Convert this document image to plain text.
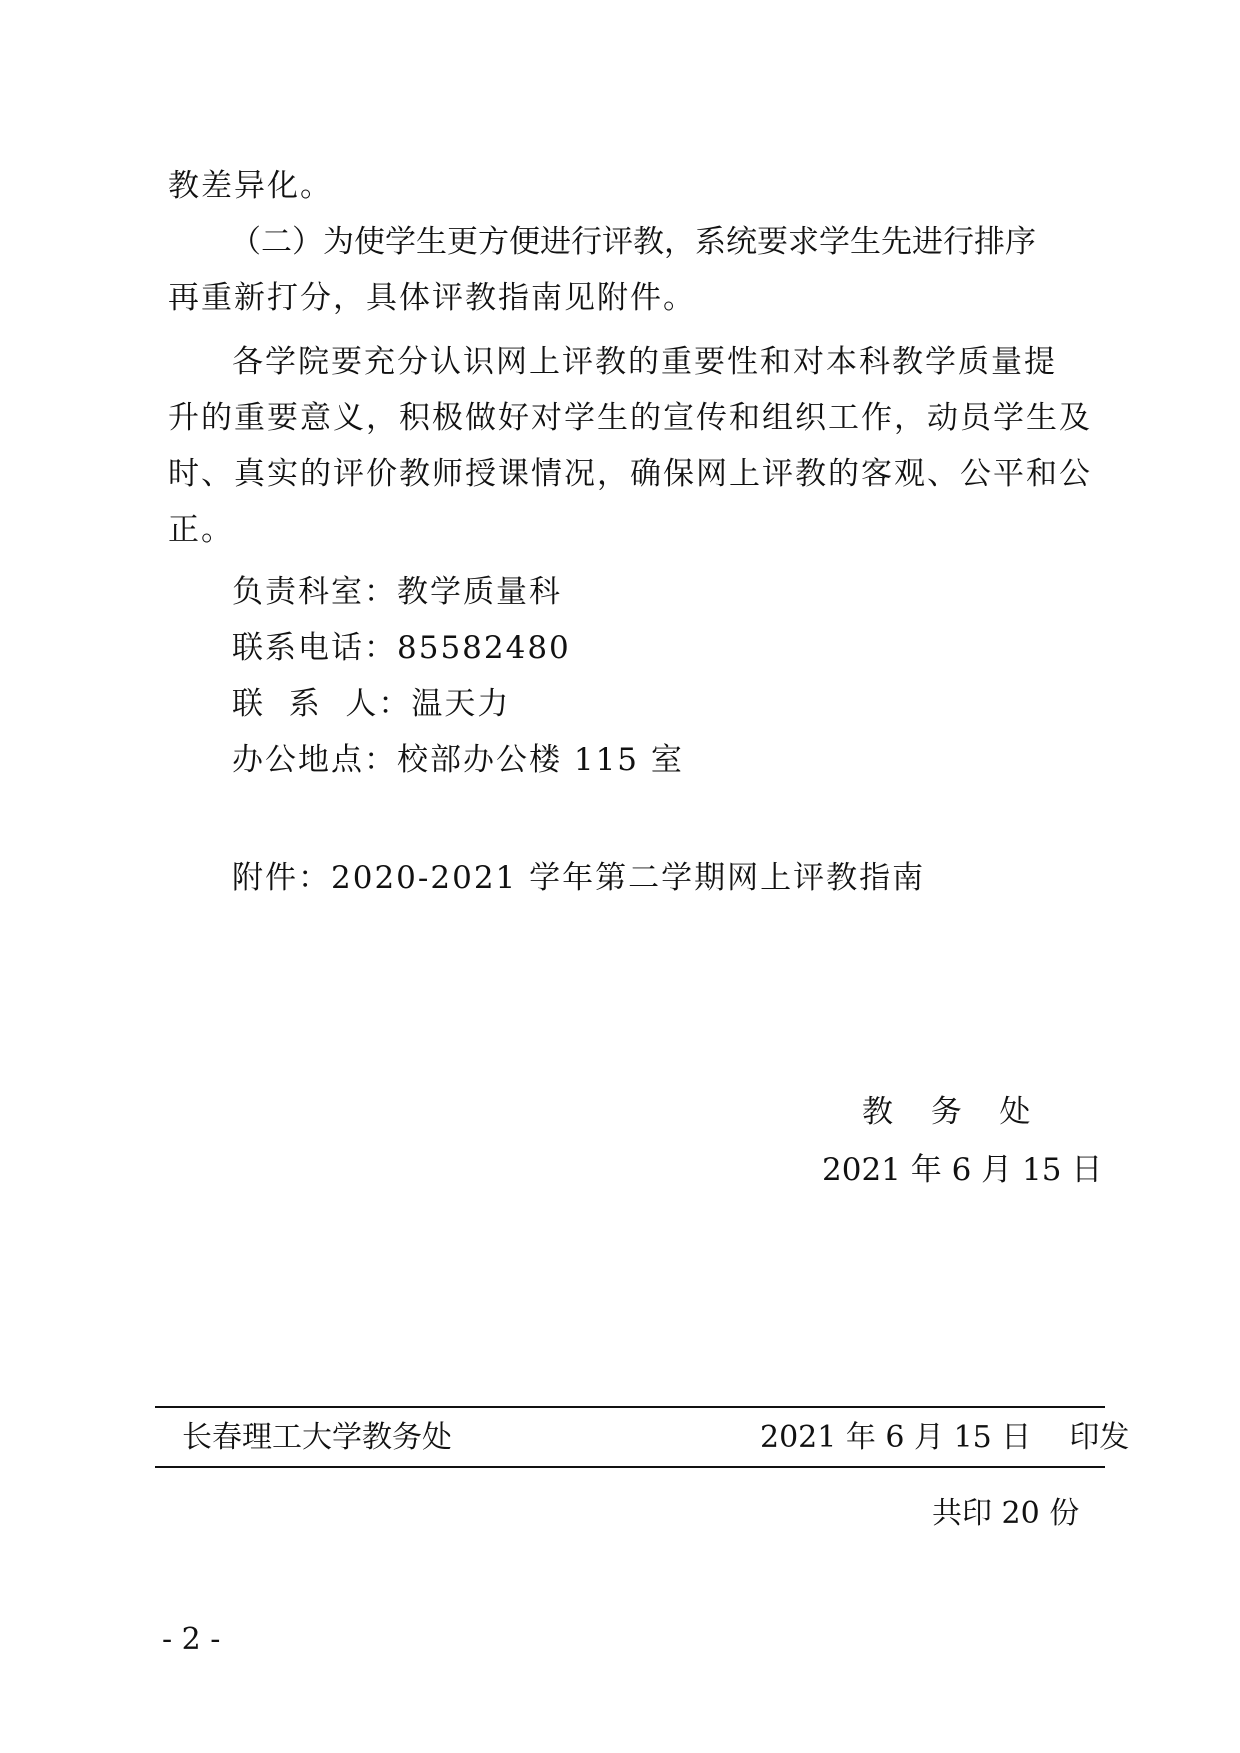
教差异化。
（二）为使学生更方便进行评教，系统要求学生先进行排序
再重新打分，具体评教指南见附件。
各学院要充分认识网上评教的重要性和对本科教学质量提
升的重要意义，积极做好对学生的宣传和组织工作，动员学生及
时、真实的评价教师授课情况，确保网上评教的客观、公平和公
正。
负责科室：教学质量科
联系电话：85582480
联  系  人：温天力
办公地点：校部办公楼 115 室
附件：2020-2021 学年第二学期网上评教指南
教  务  处
2021 年 6 月 15 日
长春理工大学教务处	2021 年 6 月 15 日    印发
共印 20 份
- 2 -
